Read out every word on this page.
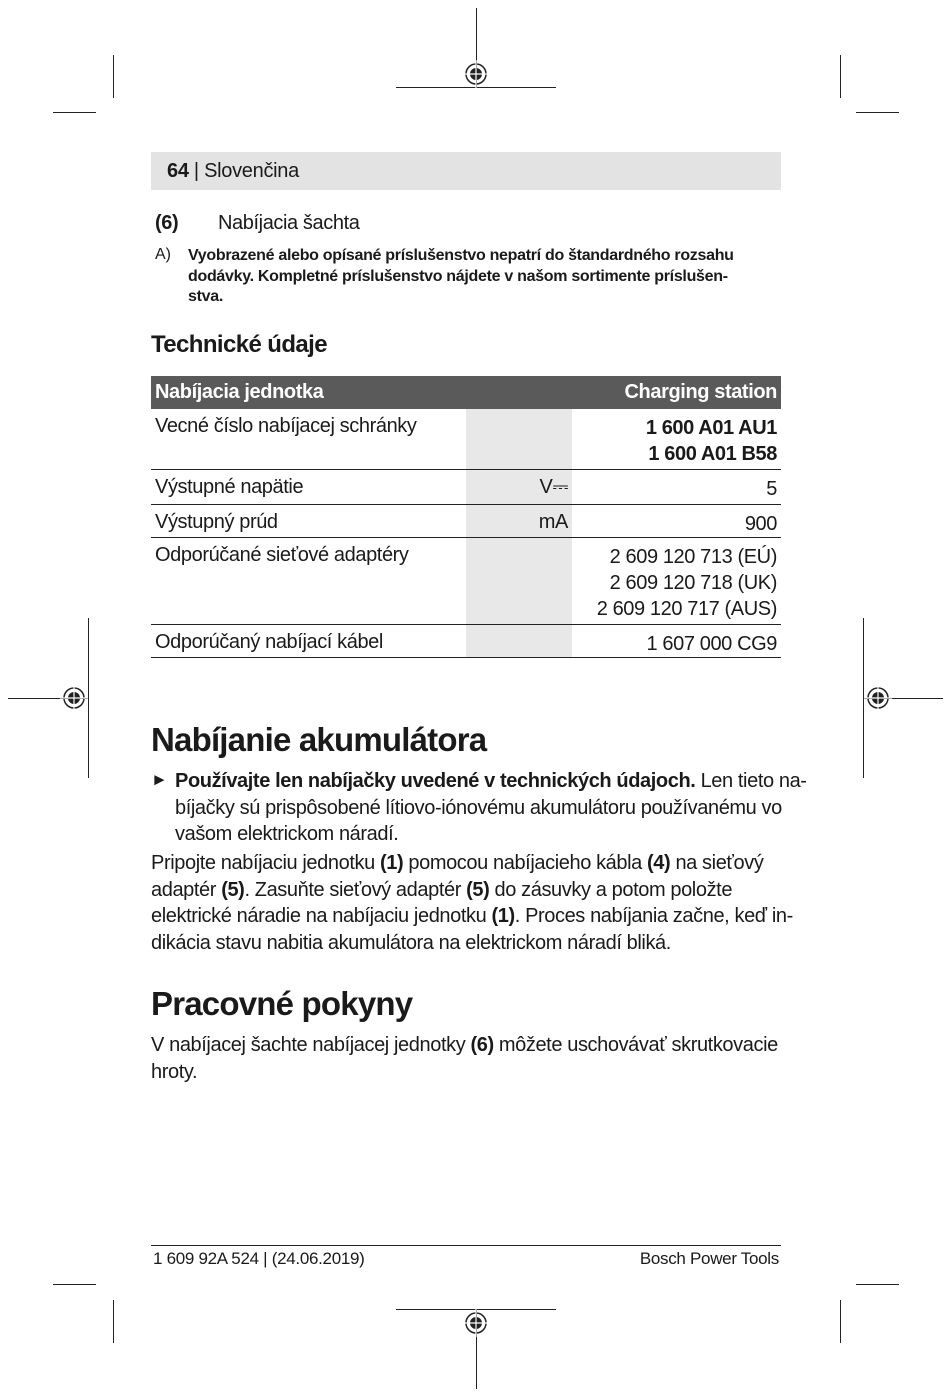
64 | Slovenčina
(6) Nabíjacia šachta
A) Vyobrazené alebo opísané príslušenstvo nepatrí do štandardného rozsahu
dodávky. Kompletné príslušenstvo nájdete v našom sortimente príslušen-
stva.
Technické údaje
Nabíjacia jednotka	Charging station
Vecné číslo nabíjacej schránky	1 600 A01 AU1
1 600 A01 B58
Výstupné napätie	V⎓	5
Výstupný prúd	mA	900
Odporúčané sieťové adaptéry	2 609 120 713 (EÚ)
2 609 120 718 (UK)
2 609 120 717 (AUS)
Odporúčaný nabíjací kábel	1 607 000 CG9
Nabíjanie akumulátora
► Používajte len nabíjačky uvedené v technických údajoch. Len tieto na-
bíjačky sú prispôsobené lítiovo-iónovému akumulátoru používanému vo
vašom elektrickom náradí.
Pripojte nabíjaciu jednotku (1) pomocou nabíjacieho kábla (4) na sieťový
adaptér (5). Zasuňte sieťový adaptér (5) do zásuvky a potom položte
elektrické náradie na nabíjaciu jednotku (1). Proces nabíjania začne, keď in-
dikácia stavu nabitia akumulátora na elektrickom náradí bliká.
Pracovné pokyny
V nabíjacej šachte nabíjacej jednotky (6) môžete uschovávať skrutkovacie
hroty.
1 609 92A 524 | (24.06.2019)	Bosch Power Tools
